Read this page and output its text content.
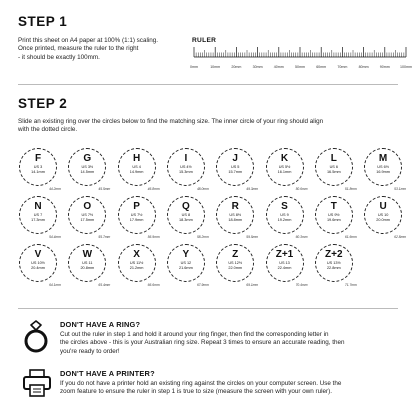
STEP 1
Print this sheet on A4 paper at 100% (1:1) scaling.
Once printed, measure the ruler to the right
- it should be exactly 100mm.
RULER
0mm	10mm	20mm	30mm	40mm	50mm	60mm	70mm	80mm	90mm	100mm
STEP 2
Slide an existing ring over the circles below to find the matching size. The inner circle of your ring should align
with the dotted circle.
F
US 3
14.1mm
44.2mm
G
US 3½
14.5mm
45.5mm
H
US 4
14.9mm
46.8mm
I
US 4½
15.3mm
48.0mm
J
US 5
15.7mm
49.3mm
K
US 5½
16.1mm
50.6mm
L
US 6
16.5mm
51.8mm
M
US 6½
16.9mm
53.1mm
N
US 7
17.3mm
54.4mm
O
US 7½
17.5mm
55.7mm
P
US 7½
17.9mm
56.9mm
Q
US 8
18.3mm
58.2mm
R
US 8½
18.8mm
59.5mm
S
US 9
19.2mm
60.3mm
T
US 9½
19.6mm
61.6mm
U
US 10
20.0mm
62.8mm
V
US 10½
20.4mm
64.1mm
W
US 11
20.8mm
65.4mm
X
US 11½
21.2mm
66.6mm
Y
US 12
21.6mm
67.9mm
Z
US 12½
22.0mm
69.1mm
Z+1
US 13
22.4mm
70.4mm
Z+2
US 13½
22.8mm
71.7mm
DON'T HAVE A RING?
Cut out the ruler in step 1 and hold it around your ring finger, then find the corresponding letter in
the circles above - this is your Australian ring size. Repeat 3 times to ensure an accurate reading, then
you're ready to order!
DON'T HAVE A PRINTER?
If you do not have a printer hold an existing ring against the circles on your computer screen. Use the
zoom feature to ensure the ruler in step 1 is true to size (measure the screen with your own ruler).
